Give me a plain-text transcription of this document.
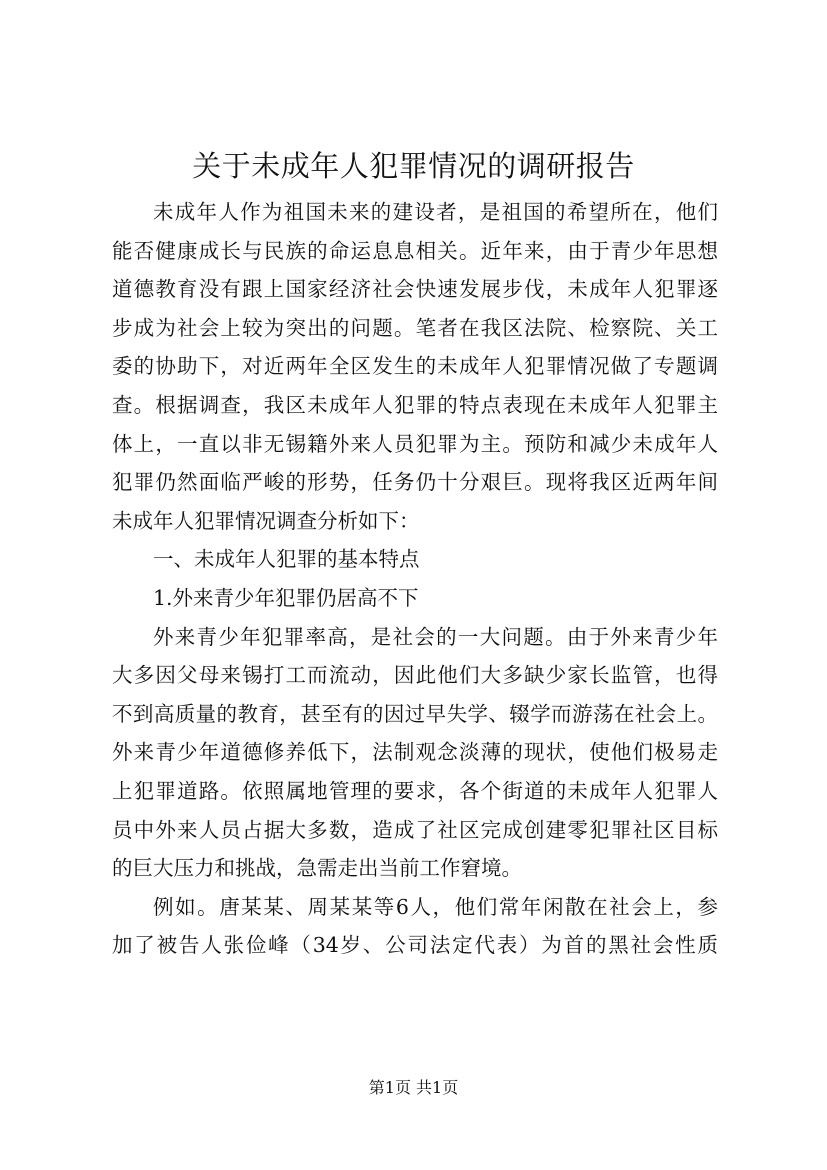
关于未成年人犯罪情况的调研报告
未成年人作为祖国未来的建设者，是祖国的希望所在，他们
能否健康成长与民族的命运息息相关。近年来，由于青少年思想
道德教育没有跟上国家经济社会快速发展步伐，未成年人犯罪逐
步成为社会上较为突出的问题。笔者在我区法院、检察院、关工
委的协助下，对近两年全区发生的未成年人犯罪情况做了专题调
查。根据调查，我区未成年人犯罪的特点表现在未成年人犯罪主
体上，一直以非无锡籍外来人员犯罪为主。预防和减少未成年人
犯罪仍然面临严峻的形势，任务仍十分艰巨。现将我区近两年间
未成年人犯罪情况调查分析如下：
一、未成年人犯罪的基本特点
1.外来青少年犯罪仍居高不下
外来青少年犯罪率高，是社会的一大问题。由于外来青少年
大多因父母来锡打工而流动，因此他们大多缺少家长监管，也得
不到高质量的教育，甚至有的因过早失学、辍学而游荡在社会上。
外来青少年道德修养低下，法制观念淡薄的现状，使他们极易走
上犯罪道路。依照属地管理的要求，各个街道的未成年人犯罪人
员中外来人员占据大多数，造成了社区完成创建零犯罪社区目标
的巨大压力和挑战，急需走出当前工作窘境。
例如。唐某某、周某某等6人，他们常年闲散在社会上，参
加了被告人张俭峰（34岁、公司法定代表）为首的黑社会性质
第1页 共1页
